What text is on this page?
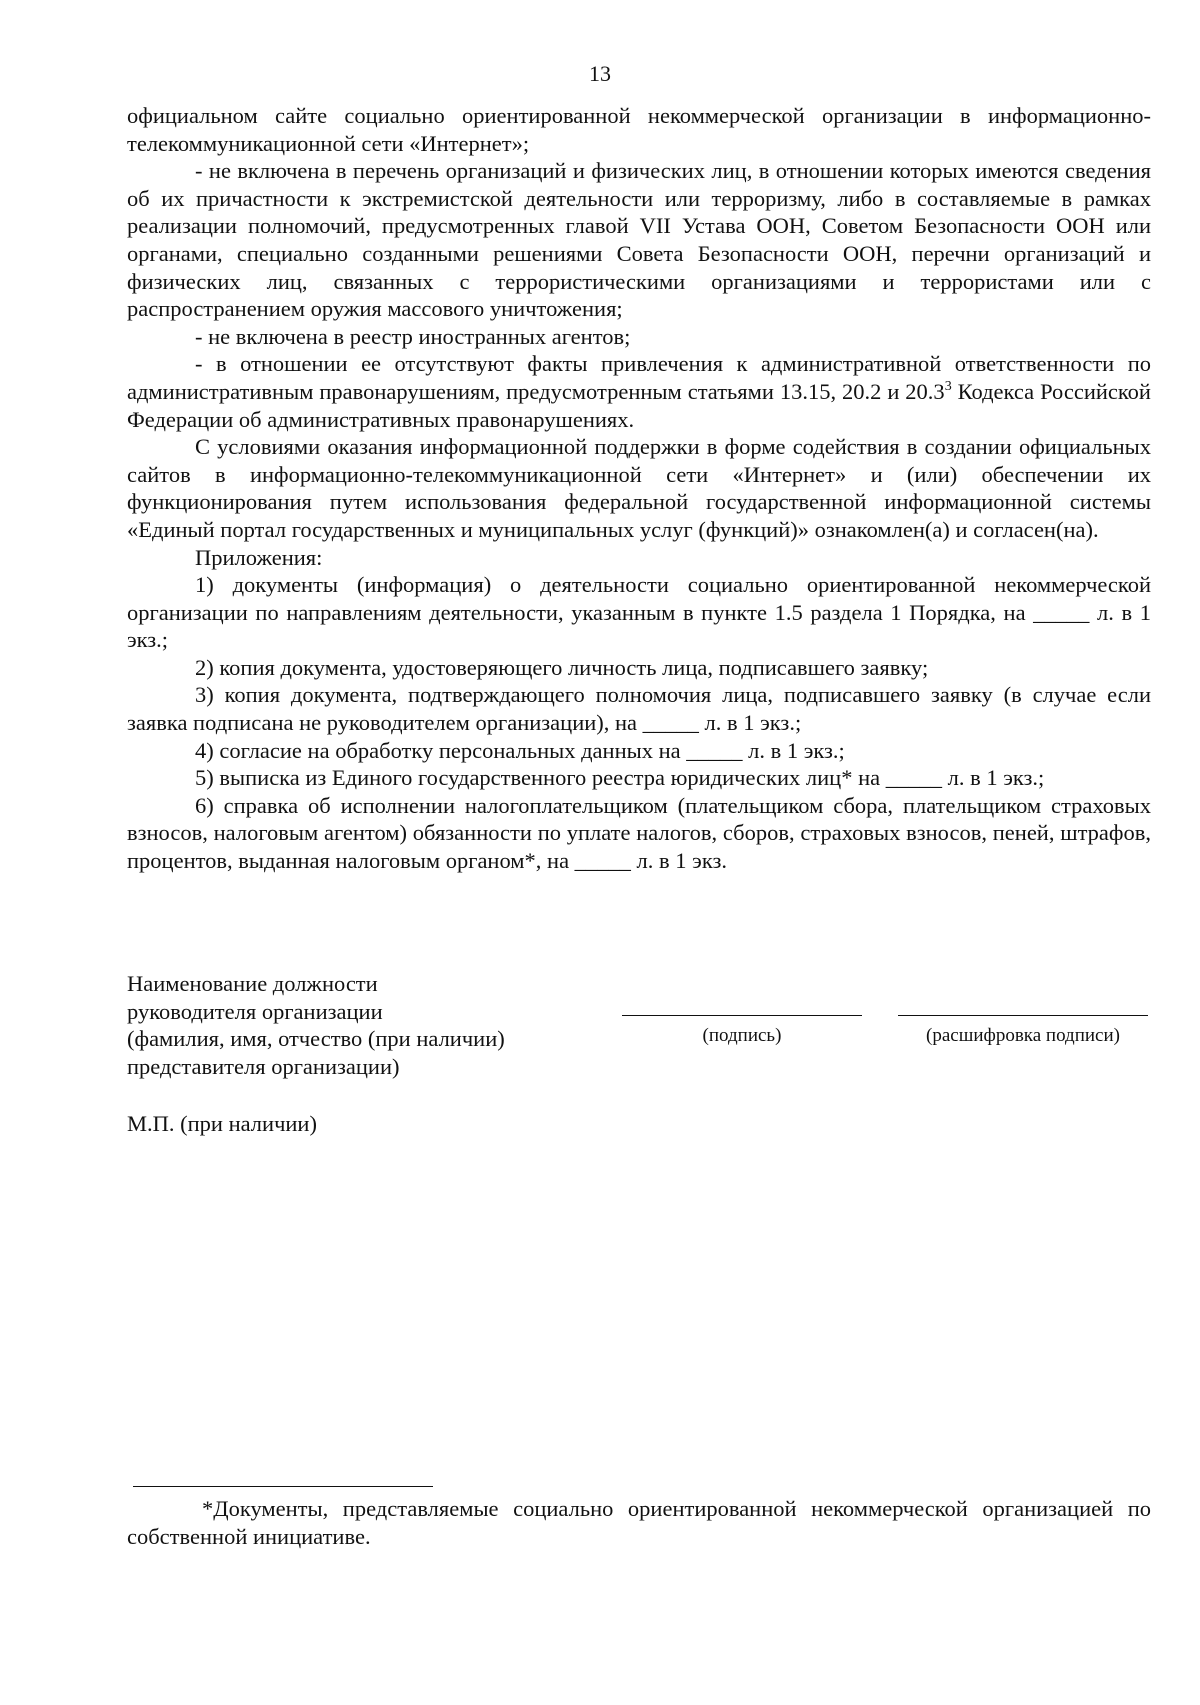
13

официальном сайте социально ориентированной некоммерческой организации в информационно-телекоммуникационной сети «Интернет»;

- не включена в перечень организаций и физических лиц, в отношении которых имеются сведения об их причастности к экстремистской деятельности или терроризму, либо в составляемые в рамках реализации полномочий, предусмотренных главой VII Устава ООН, Советом Безопасности ООН или органами, специально созданными решениями Совета Безопасности ООН, перечни организаций и физических лиц, связанных с террористическими организациями и террористами или с распространением оружия массового уничтожения;

- не включена в реестр иностранных агентов;

- в отношении ее отсутствуют факты привлечения к административной ответственности по административным правонарушениям, предусмотренным статьями 13.15, 20.2 и 20.3$^3$ Кодекса Российской Федерации об административных правонарушениях.

С условиями оказания информационной поддержки в форме содействия в создании официальных сайтов в информационно-телекоммуникационной сети «Интернет» и (или) обеспечении их функционирования путем использования федеральной государственной информационной системы «Единый портал государственных и муниципальных услуг (функций)» ознакомлен(а) и согласен(на).

Приложения:

1) документы (информация) о деятельности социально ориентированной некоммерческой организации по направлениям деятельности, указанным в пункте 1.5 раздела 1 Порядка, на _____ л. в 1 экз.;

2) копия документа, удостоверяющего личность лица, подписавшего заявку;

3) копия документа, подтверждающего полномочия лица, подписавшего заявку (в случае если заявка подписана не руководителем организации), на _____ л. в 1 экз.;

4) согласие на обработку персональных данных на _____ л. в 1 экз.;

5) выписка из Единого государственного реестра юридических лиц* на _____ л. в 1 экз.;

6) справка об исполнении налогоплательщиком (плательщиком сбора, плательщиком страховых взносов, налоговым агентом) обязанности по уплате налогов, сборов, страховых взносов, пеней, штрафов, процентов, выданная налоговым органом*, на _____ л. в 1 экз.

Наименование должности
руководителя организации
(фамилия, имя, отчество (при наличии)
представителя организации)
(подпись)	(расшифровка подписи)
М.П. (при наличии)

*Документы, представляемые социально ориентированной некоммерческой организацией по собственной инициативе.
